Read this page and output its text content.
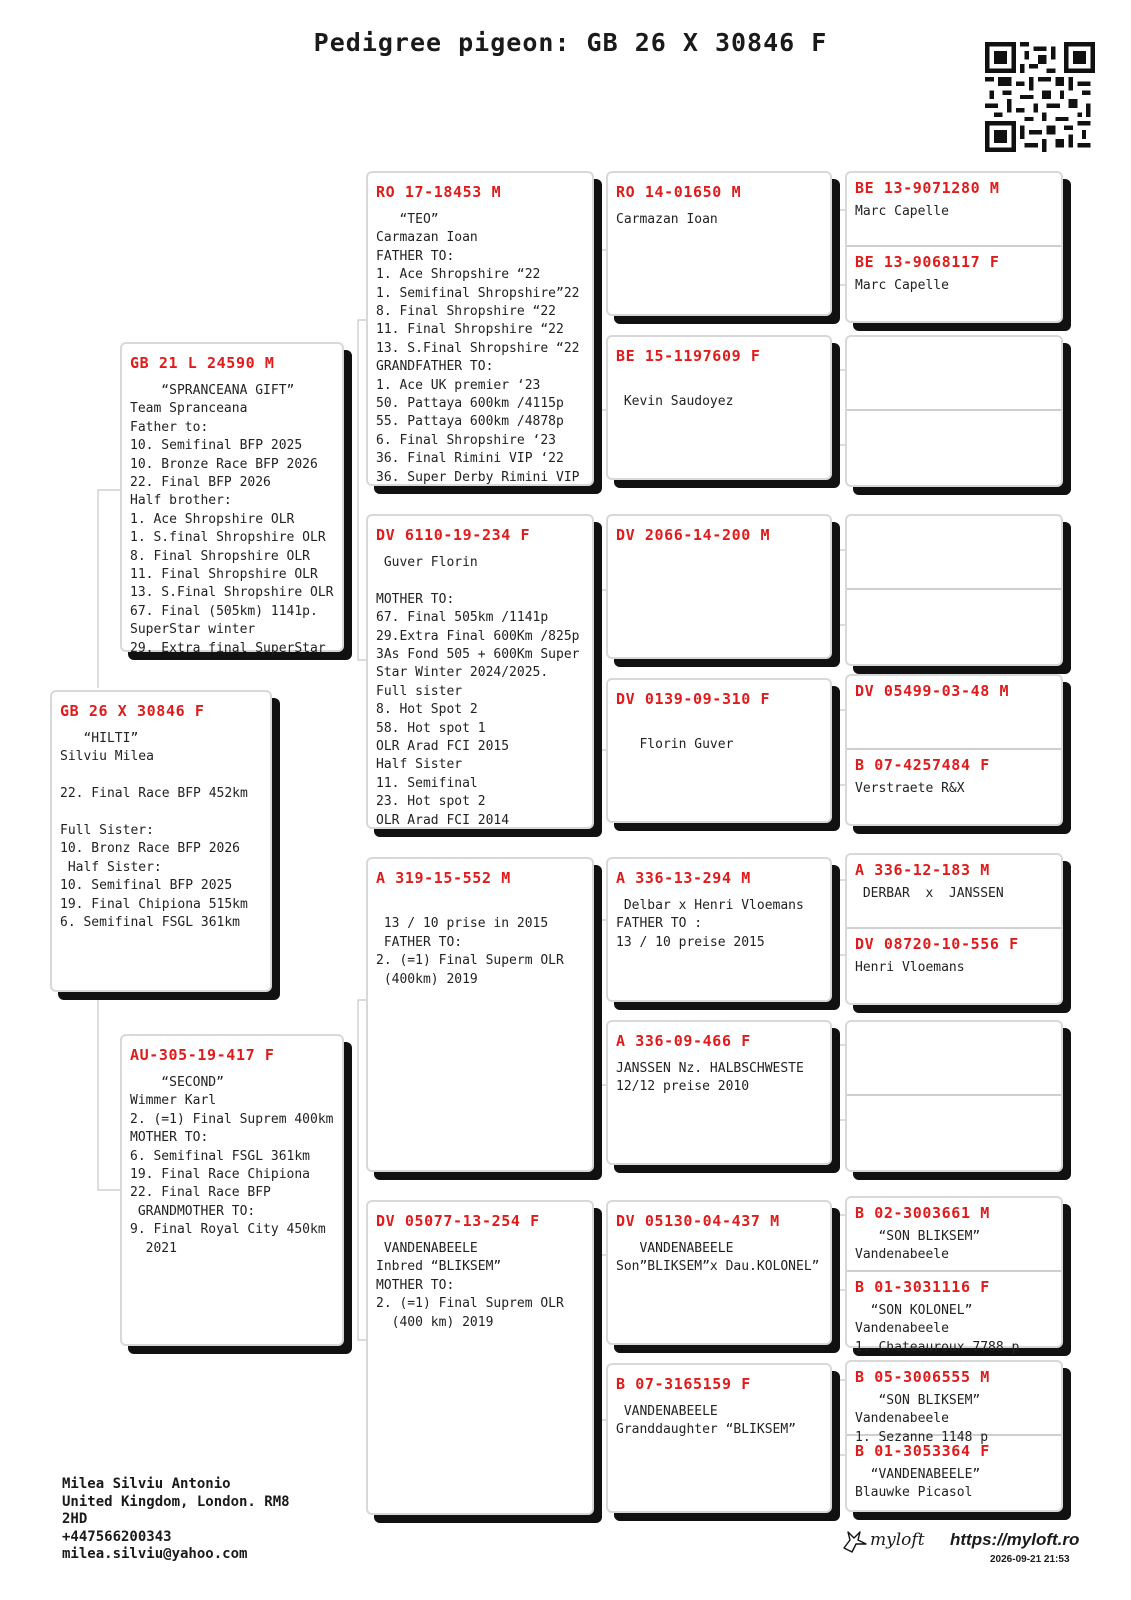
Pedigree pigeon: GB 26 X 30846 F
GB 26 X 30846 F
“HILTI”
Silviu Milea

22. Final Race BFP 452km

Full Sister:
10. Bronz Race BFP 2026
Half Sister:
10. Semifinal BFP 2025
19. Final Chipiona 515km
6. Semifinal FSGL 361km
GB 21 L 24590 M
“SPRANCEANA GIFT”
Team Spranceana
Father to:
10. Semifinal BFP 2025
10. Bronze Race BFP 2026
22. Final BFP 2026
Half brother:
1. Ace Shropshire OLR
1. S.final Shropshire OLR
8. Final Shropshire OLR
11. Final Shropshire OLR
13. S.Final Shropshire OLR
67. Final (505km) 1141p.
SuperStar winter
29. Extra final SuperStar
AU-305-19-417 F
“SECOND”
Wimmer Karl
2. (=1) Final Suprem 400km
MOTHER TO:
6. Semifinal FSGL 361km
19. Final Race Chipiona
22. Final Race BFP
GRANDMOTHER TO:
9. Final Royal City 450km
2021
RO 17-18453 M
“TEO”
Carmazan Ioan
FATHER TO:
1. Ace Shropshire “22
1. Semifinal Shropshire”22
8. Final Shropshire “22
11. Final Shropshire “22
13. S.Final Shropshire “22
GRANDFATHER TO:
1. Ace UK premier ‘23
50. Pattaya 600km /4115p
55. Pattaya 600km /4878p
6. Final Shropshire ‘23
36. Final Rimini VIP ‘22
36. Super Derby Rimini VIP
DV 6110-19-234 F
Guver Florin

MOTHER TO:
67. Final 505km /1141p
29.Extra Final 600Km /825p
3As Fond 505 + 600Km Super
Star Winter 2024/2025.
Full sister
8. Hot Spot 2
58. Hot spot 1
OLR Arad FCI 2015
Half Sister
11. Semifinal
23. Hot spot 2
OLR Arad FCI 2014
A 319-15-552 M

13 / 10 prise in 2015
FATHER TO:
2. (=1) Final Superm OLR
(400km) 2019
DV 05077-13-254 F
VANDENABEELE
Inbred “BLIKSEM”
MOTHER TO:
2. (=1) Final Suprem OLR
(400 km) 2019
RO 14-01650 M
Carmazan Ioan
BE 15-1197609 F

Kevin Saudoyez
DV 2066-14-200 M
DV 0139-09-310 F

Florin Guver
A 336-13-294 M
Delbar x Henri Vloemans
FATHER TO :
13 / 10 preise 2015
A 336-09-466 F
JANSSEN Nz. HALBSCHWESTE
12/12 preise 2010
DV 05130-04-437 M
VANDENABEELE
Son”BLIKSEM”x Dau.KOLONEL”
B 07-3165159 F
VANDENABEELE
Granddaughter “BLIKSEM”
BE 13-9071280 M
Marc Capelle
BE 13-9068117 F
Marc Capelle
DV 05499-03-48 M
B 07-4257484 F
Verstraete R&X
A 336-12-183 M
DERBAR  x  JANSSEN
DV 08720-10-556 F
Henri Vloemans
B 02-3003661 M
“SON BLIKSEM”
Vandenabeele
B 01-3031116 F
“SON KOLONEL”
Vandenabeele
1. Chateauroux 7788 p
B 05-3006555 M
“SON BLIKSEM”
Vandenabeele
1. Sezanne 1148 p
B 01-3053364 F
“VANDENABEELE”
Blauwke Picasol
Milea Silviu Antonio
United Kingdom, London. RM8
2HD
+447566200343
milea.silviu@yahoo.com
myloft https://myloft.ro
2026-09-21 21:53
